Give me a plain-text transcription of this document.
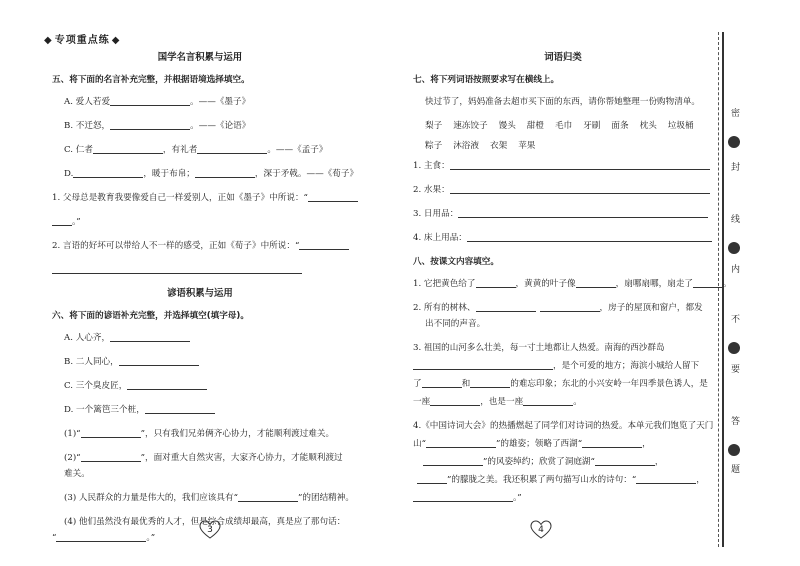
◆ 专项重点练 ◆
国学名言积累与运用
五、将下面的名言补充完整，并根据语境选择填空。
A. 爱人若爱	。——《墨子》
B. 不迁怒，	。——《论语》
C. 仁者	，有礼者	。——《孟子》
D.	，暖于布帛；	，深于矛戟。——《荀子》
1. 父母总是教育我要像爱自己一样爱别人，正如《墨子》中所说：“
。”
2. 言语的好坏可以带给人不一样的感受，正如《荀子》中所说：“
谚语积累与运用
六、将下面的谚语补充完整，并选择填空(填字母)。
A. 人心齐，
B. 二人同心，
C. 三个臭皮匠，
D. 一个篱笆三个桩，
(1)“	”，只有我们兄弟俩齐心协力，才能顺利渡过难关。
(2)“	”，面对重大自然灾害，大家齐心协力，才能顺利渡过
难关。
(3) 人民群众的力量是伟大的，我们应该具有“	”的团结精神。
(4) 他们虽然没有最优秀的人才，但是综合成绩却最高，真是应了那句话：
“	。”
3
词语归类
七、将下列词语按照要求写在横线上。
快过节了，妈妈准备去超市买下面的东西，请你帮她整理一份购物清单。
梨子 速冻饺子 馒头 甜橙 毛巾 牙刷 面条 枕头 垃圾桶
粽子 沐浴液 衣架 苹果
1. 主食：
2. 水果：
3. 日用品：
4. 床上用品：
八、按课文内容填空。
1. 它把黄色给了	，黄黄的叶子像	，扇哪扇哪，扇走了	。
2. 所有的树林、	，房子的屋顶和窗户，都发
出不同的声音。
3. 祖国的山河多么壮美，每一寸土地都让人热爱。南海的西沙群岛
，是个可爱的地方；海滨小城给人留下
了	和	的难忘印象；东北的小兴安岭一年四季景色诱人，是
一座	，也是一座	。
4.《中国诗词大会》的热播燃起了同学们对诗词的热爱。本单元我们饱览了天门
山“	”的雄姿；领略了西湖“	，
”的风姿绰约；欣赏了洞庭湖“	，
”的朦胧之美。我还积累了两句描写山水的诗句：“	，
。”
4
密
封
线
内
不
要
答
题
